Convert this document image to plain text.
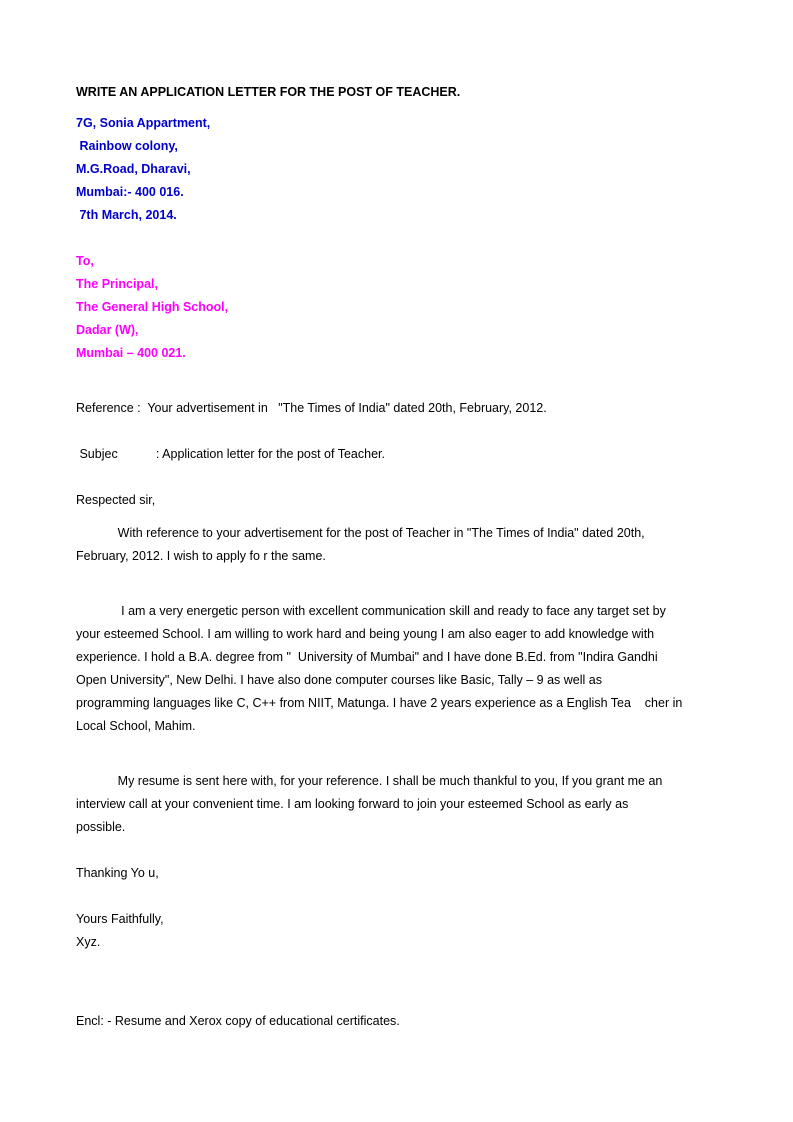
WRITE AN APPLICATION LETTER FOR THE POST OF TEACHER.
7G, Sonia Appartment,
Rainbow colony,
M.G.Road, Dharavi,
Mumbai:- 400 016.
7th March, 2014.
To,
The Principal,
The General High School,
Dadar (W),
Mumbai – 400 021.
Reference :  Your advertisement in   "The Times of India" dated 20th, February, 2012.
Subjec           : Application letter for the post of Teacher.
Respected sir,
With reference to your advertisement for the post of Teacher in "The Times of India" dated 20th,
February, 2012. I wish to apply fo r the same.
I am a very energetic person with excellent communication skill and ready to face any target set by
your esteemed School. I am willing to work hard and being young I am also eager to add knowledge with
experience. I hold a B.A. degree from "  University of Mumbai" and I have done B.Ed. from "Indira Gandhi
Open University", New Delhi. I have also done computer courses like Basic, Tally – 9 as well as
programming languages like C, C++ from NIIT, Matunga. I have 2 years experience as a English Tea    cher in
Local School, Mahim.
My resume is sent here with, for your reference. I shall be much thankful to you, If you grant me an
interview call at your convenient time. I am looking forward to join your esteemed School as early as
possible.
Thanking Yo u,
Yours Faithfully,
Xyz.
Encl: - Resume and Xerox copy of educational certificates.
